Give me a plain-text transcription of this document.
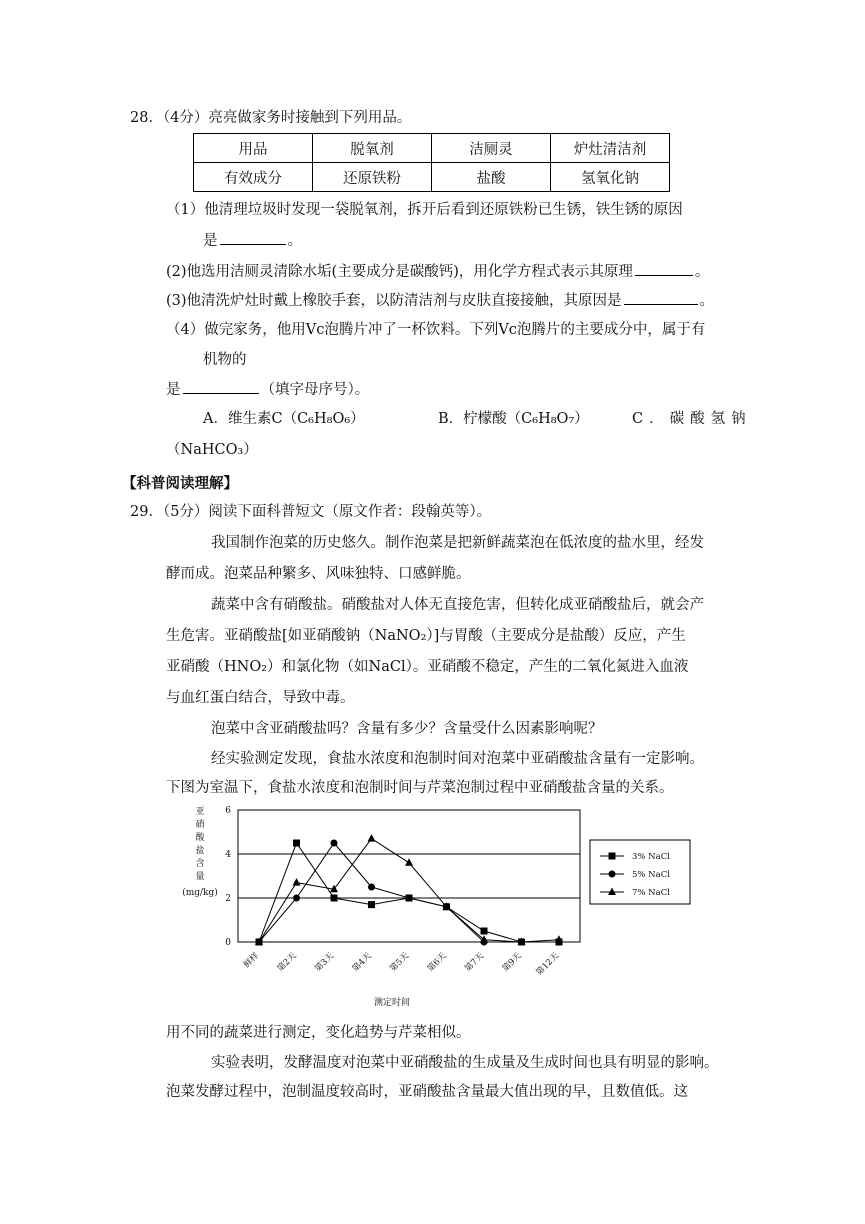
28．（4分）亮亮做家务时接触到下列用品。
用品	脱氧剂	洁厕灵	炉灶清洁剂
有效成分	还原铁粉	盐酸	氢氧化钠
（1）他清理垃圾时发现一袋脱氧剂，拆开后看到还原铁粉已生锈，铁生锈的原因
是	。
(2)他选用洁厕灵清除水垢(主要成分是碳酸钙)，用化学方程式表示其原理	。
(3)他清洗炉灶时戴上橡胶手套，以防清洁剂与皮肤直接接触，其原因是	。
（4）做完家务，他用Vc泡腾片冲了一杯饮料。下列Vc泡腾片的主要成分中，属于有
机物的
是	（填字母序号）。
A．维生素C（C₆H₈O₆）	B．柠檬酸（C₆H₈O₇）	C．碳酸氢钠
（NaHCO₃）
【科普阅读理解】
29．（5分）阅读下面科普短文（原文作者：段翰英等）。
我国制作泡菜的历史悠久。制作泡菜是把新鲜蔬菜泡在低浓度的盐水里，经发
酵而成。泡菜品种繁多、风味独特、口感鲜脆。
蔬菜中含有硝酸盐。硝酸盐对人体无直接危害，但转化成亚硝酸盐后，就会产
生危害。亚硝酸盐[如亚硝酸钠（NaNO₂）]与胃酸（主要成分是盐酸）反应，产生
亚硝酸（HNO₂）和氯化物（如NaCl）。亚硝酸不稳定，产生的二氧化氮进入血液
与血红蛋白结合，导致中毒。
泡菜中含亚硝酸盐吗？含量有多少？含量受什么因素影响呢？
经实验测定发现，食盐水浓度和泡制时间对泡菜中亚硝酸盐含量有一定影响。
下图为室温下，食盐水浓度和泡制时间与芹菜泡制过程中亚硝酸盐含量的关系。
亚
硝
酸
盐
含
量
(mg/kg)
0
2
4
6
鲜样 第2天 第3天 第4天 第5天 第6天 第7天 第9天 第12天
测定时间
3% NaCl
5% NaCl
7% NaCl
用不同的蔬菜进行测定，变化趋势与芹菜相似。
实验表明，发酵温度对泡菜中亚硝酸盐的生成量及生成时间也具有明显的影响。
泡菜发酵过程中，泡制温度较高时，亚硝酸盐含量最大值出现的早，且数值低。这
